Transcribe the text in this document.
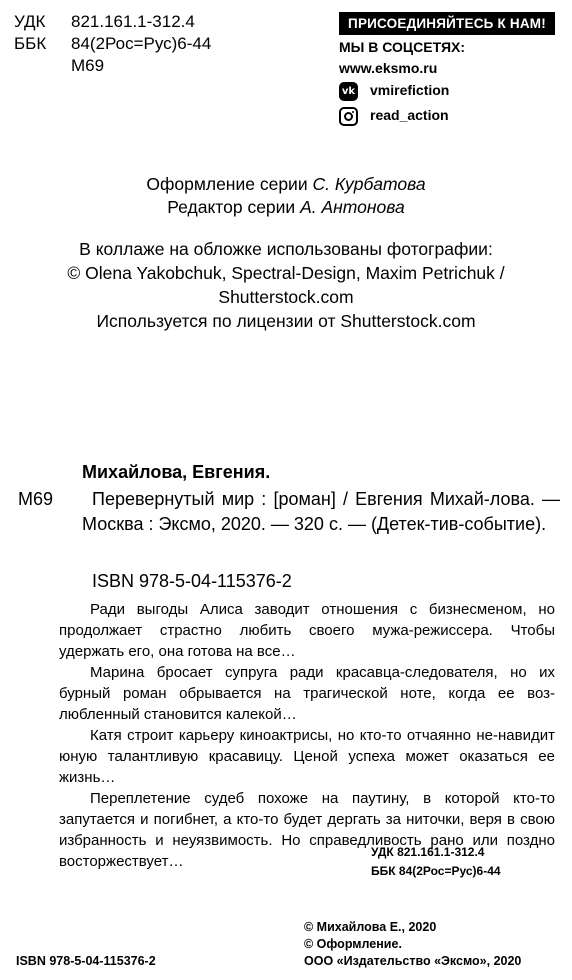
УДК 821.161.1-312.4
ББК 84(2Рос=Рус)6-44
М69
ПРИСОЕДИНЯЙТЕСЬ К НАМ!
МЫ В СОЦСЕТЯХ:
www.eksmo.ru
vk vmirefiction
read_action
Оформление серии С. Курбатова
Редактор серии А. Антонова
В коллаже на обложке использованы фотографии:
© Olena Yakobchuk, Spectral-Design, Maxim Petrichuk /
Shutterstock.com
Используется по лицензии от Shutterstock.com
Михайлова, Евгения.
М69	Перевернутый мир : [роман] / Евгения Михай-лова. — Москва : Эксмо, 2020. — 320 с. — (Детек-тив-событие).
ISBN 978-5-04-115376-2

Ради выгоды Алиса заводит отношения с бизнесменом, но продолжает страстно любить своего мужа-режиссера. Чтобы удержать его, она готова на все…

Марина бросает супруга ради красавца-следователя, но их бурный роман обрывается на трагической ноте, когда ее воз-любленный становится калекой…

Катя строит карьеру киноактрисы, но кто-то отчаянно не-навидит юную талантливую красавицу. Ценой успеха может оказаться ее жизнь…

Переплетение судеб похоже на паутину, в которой кто-то запутается и погибнет, а кто-то будет дергать за ниточки, веря в свою избранность и неуязвимость. Но справедливость рано или поздно восторжествует…

УДК 821.161.1-312.4
ББК 84(2Рос=Рус)6-44
© Михайлова Е., 2020
© Оформление.
ООО «Издательство «Эксмо», 2020
ISBN 978-5-04-115376-2
